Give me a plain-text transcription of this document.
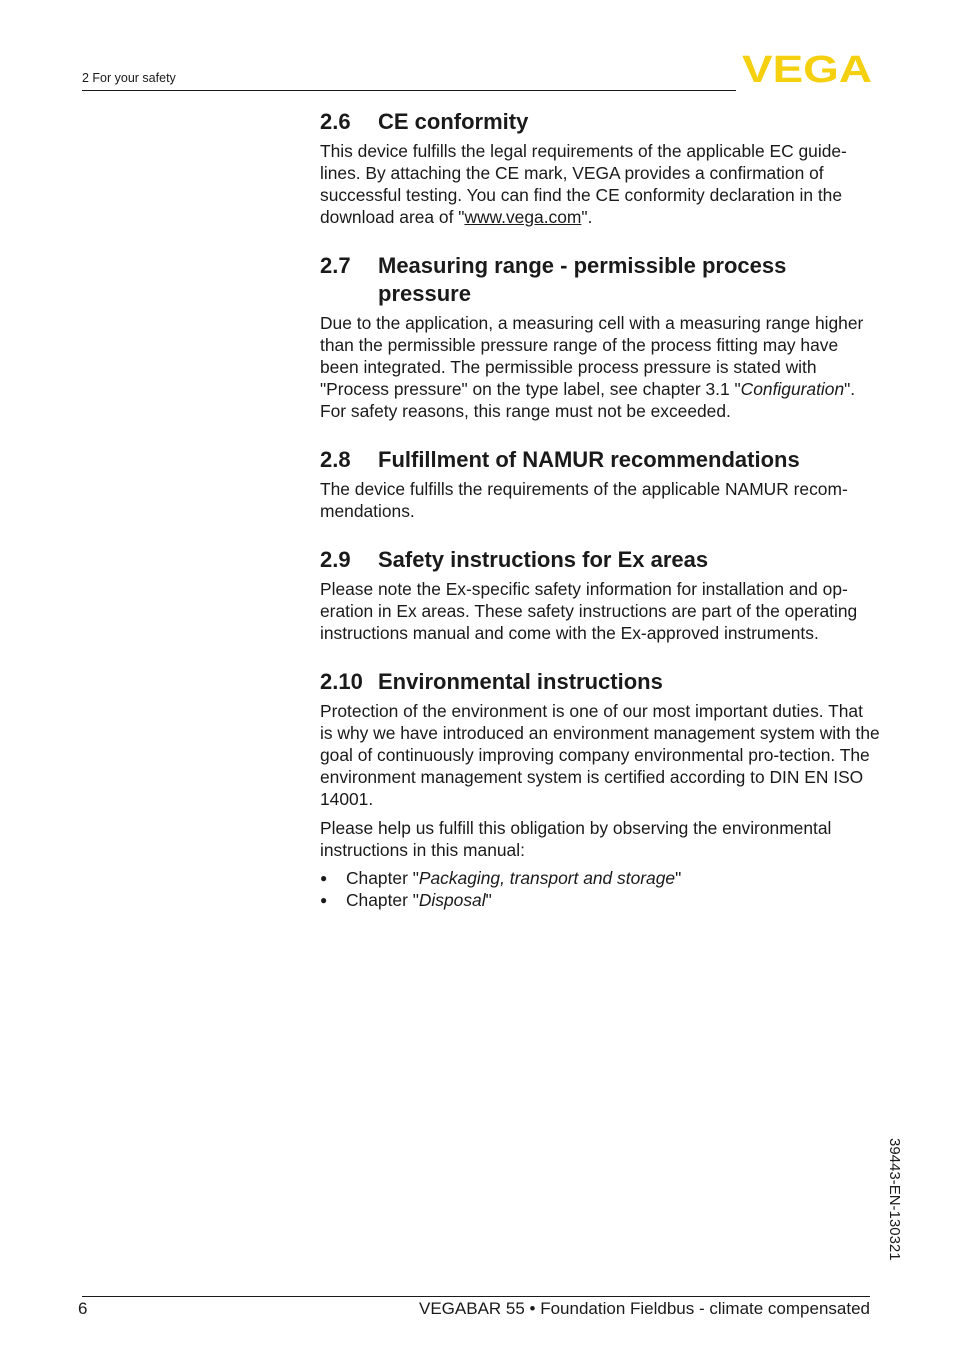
2 For your safety	VEGA
2.6	CE conformity

This device fulfills the legal requirements of the applicable EC guide-lines. By attaching the CE mark, VEGA provides a confirmation of successful testing. You can find the CE conformity declaration in the download area of "www.vega.com".

2.7	Measuring range - permissible process pressure

Due to the application, a measuring cell with a measuring range higher than the permissible pressure range of the process fitting may have been integrated. The permissible process pressure is stated with "Process pressure" on the type label, see chapter 3.1 "Configuration". For safety reasons, this range must not be exceeded.

2.8	Fulfillment of NAMUR recommendations

The device fulfills the requirements of the applicable NAMUR recom-mendations.

2.9	Safety instructions for Ex areas

Please note the Ex-specific safety information for installation and op-eration in Ex areas. These safety instructions are part of the operating instructions manual and come with the Ex-approved instruments.

2.10 Environmental instructions

Protection of the environment is one of our most important duties. That is why we have introduced an environment management system with the goal of continuously improving company environmental pro-tection. The environment management system is certified according to DIN EN ISO 14001.

Please help us fulfill this obligation by observing the environmental instructions in this manual:

●	Chapter "Packaging, transport and storage"
●	Chapter "Disposal"
39443-EN-130321
6	VEGABAR 55 • Foundation Fieldbus - climate compensated
